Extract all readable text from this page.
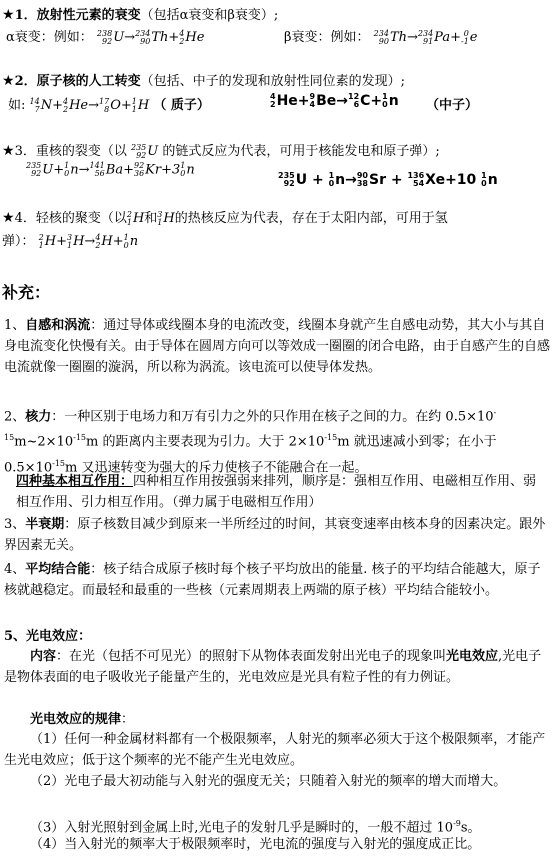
★1．放射性元素的衰变（包括α衰变和β衰变）;
α衰变：例如： 238
92 U→ 234
90 Th+ 4
2 He	β衰变：例如： 234
90 Th→ 234
91 Pa+ 0
-1 e
★2．原子核的人工转变（包括、中子的发现和放射性同位素的发现）;
如: 14
7 N+ 4
2 He→ 17
8 O+ 1
1 H （ 质子）
4
2 He+ 9
4 Be→ 12
6 C+ 1
0 n （中子）
★3．重核的裂变（以 235
92 U 的链式反应为代表，可用于核能发电和原子弹）;
235
92 U+ 1
0 n→ 141
56 Ba+ 92
36 Kr+3 1
0 n	235
92 U + 1
0 n→ 90
38 Sr + 136
54 Xe+10 1
0 n
★4．轻核的聚变（以 2
1 H和 3
1 H的热核反应为代表，存在于太阳内部，可用于氢
弹）： 2
1 H+ 3
1 H→ 4
2 H+ 1
0 n
补充：
1、自感和涡流：通过导体或线圈本身的电流改变，线圈本身就产生自感电动势，其大小与其自身电流变化快慢有关。由于导体在圆周方向可以等效成一圈圈的闭合电路，由于自感产生的自感电流就像一圈圈的漩涡，所以称为涡流。该电流可以使导体发热。
2、核力：一种区别于电场力和万有引力之外的只作用在核子之间的力。在约 $0.5\times 10^{-15}m\sim 2\times 10^{-15}m$ 的距离内主要表现为引力。大于 $2\times 10^{-15}m$ 就迅速减小到零；在小于 $0.5\times 10^{-15}m$ 又迅速转变为强大的斥力使核子不能融合在一起。
四种基本相互作用：四种相互作用按强弱来排列，顺序是：强相互作用、电磁相互作用、弱相互作用、引力相互作用。（弹力属于电磁相互作用）
3、半衰期：原子核数目减少到原来一半所经过的时间，其衰变速率由核本身的因素决定。跟外界因素无关。
4、平均结合能：核子结合成原子核时每个核子平均放出的能量. 核子的平均结合能越大，原子核就越稳定。而最轻和最重的一些核（元素周期表上两端的原子核）平均结合能较小。
5、光电效应：
内容：在光（包括不可见光）的照射下从物体表面发射出光电子的现象叫光电效应,光电子是物体表面的电子吸收光子能量产生的，光电效应是光具有粒子性的有力例证。
光电效应的规律：
（1）任何一种金属材料都有一个极限频率，人射光的频率必须大于这个极限频率，才能产生光电效应；低于这个频率的光不能产生光电效应。
（2）光电子最大初动能与入射光的强度无关；只随着入射光的频率的增大而增大。
（3）入射光照射到金属上时,光电子的发射几乎是瞬时的，一般不超过 $10^{-9}s$。
（4）当入射光的频率大于极限频率时，光电流的强度与入射光的强度成正比。
